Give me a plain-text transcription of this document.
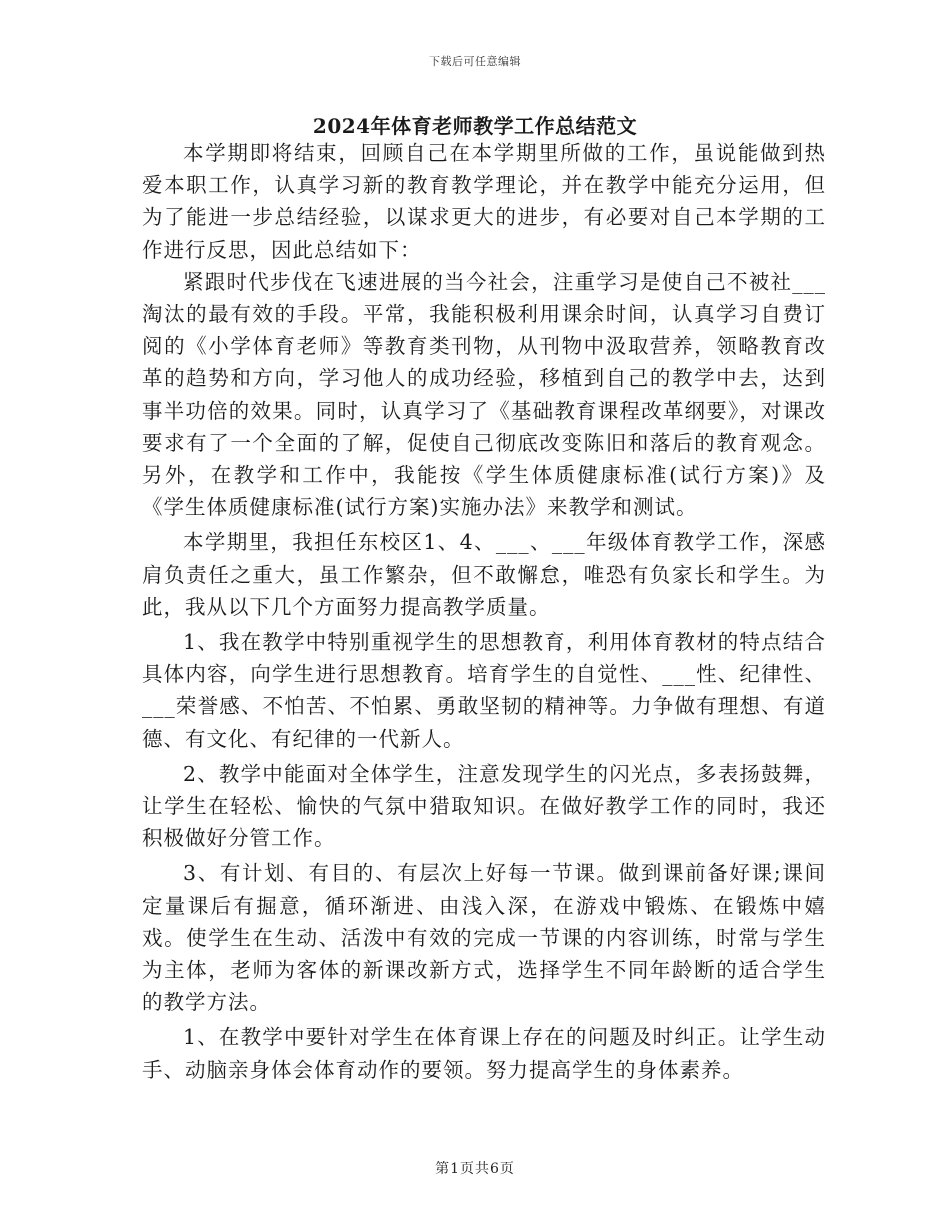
下载后可任意编辑
2024年体育老师教学工作总结范文

本学期即将结束，回顾自己在本学期里所做的工作，虽说能做到热爱本职工作，认真学习新的教育教学理论，并在教学中能充分运用，但为了能进一步总结经验，以谋求更大的进步，有必要对自己本学期的工作进行反思，因此总结如下：

紧跟时代步伐在飞速进展的当今社会，注重学习是使自己不被社___淘汰的最有效的手段。平常，我能积极利用课余时间，认真学习自费订阅的《小学体育老师》等教育类刊物，从刊物中汲取营养，领略教育改革的趋势和方向，学习他人的成功经验，移植到自己的教学中去，达到事半功倍的效果。同时，认真学习了《基础教育课程改革纲要》，对课改要求有了一个全面的了解，促使自己彻底改变陈旧和落后的教育观念。另外，在教学和工作中，我能按《学生体质健康标准(试行方案)》及《学生体质健康标准(试行方案)实施办法》来教学和测试。

本学期里，我担任东校区1、4、___、___年级体育教学工作，深感肩负责任之重大，虽工作繁杂，但不敢懈怠，唯恐有负家长和学生。为此，我从以下几个方面努力提高教学质量。

1、我在教学中特别重视学生的思想教育，利用体育教材的特点结合具体内容，向学生进行思想教育。培育学生的自觉性、___性、纪律性、___荣誉感、不怕苦、不怕累、勇敢坚韧的精神等。力争做有理想、有道德、有文化、有纪律的一代新人。

2、教学中能面对全体学生，注意发现学生的闪光点，多表扬鼓舞，让学生在轻松、愉快的气氛中猎取知识。在做好教学工作的同时，我还积极做好分管工作。

3、有计划、有目的、有层次上好每一节课。做到课前备好课;课间定量课后有掘意，循环渐进、由浅入深，在游戏中锻炼、在锻炼中嬉戏。使学生在生动、活泼中有效的完成一节课的内容训练，时常与学生为主体，老师为客体的新课改新方式，选择学生不同年龄断的适合学生的教学方法。

1、在教学中要针对学生在体育课上存在的问题及时纠正。让学生动手、动脑亲身体会体育动作的要领。努力提高学生的身体素养。

第1页共6页
